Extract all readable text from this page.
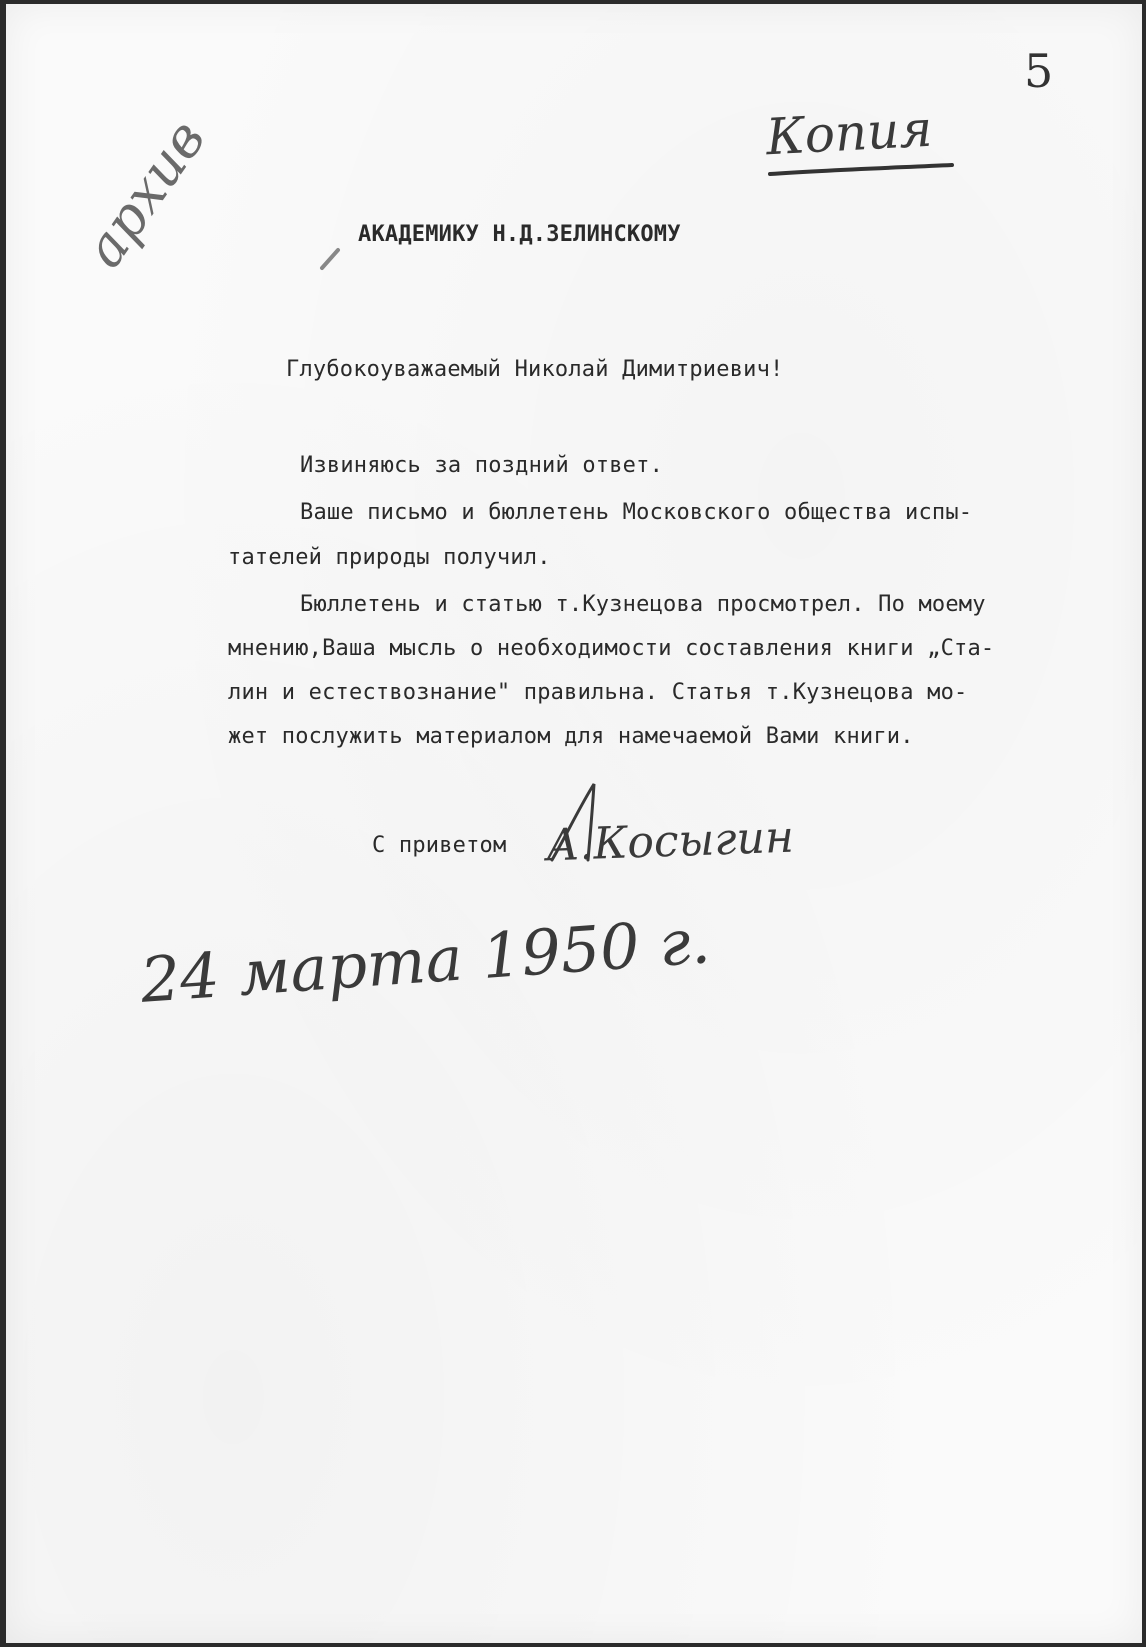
5
Копия
архив	АКАДЕМИКУ Н.Д.ЗЕЛИНСКОМУ
Глубокоуважаемый Николай Димитриевич!
Извиняюсь за поздний ответ.
Ваше письмо и бюллетень Московского общества испы-
тателей природы получил.
Бюллетень и статью т.Кузнецова просмотрел. По моему
мнению,Ваша мысль о необходимости составления книги „Ста-
лин и естествознание" правильна. Статья т.Кузнецова мо-
жет послужить материалом для намечаемой Вами книги.
С приветом А.Косыгин
24 марта 1950 г.
